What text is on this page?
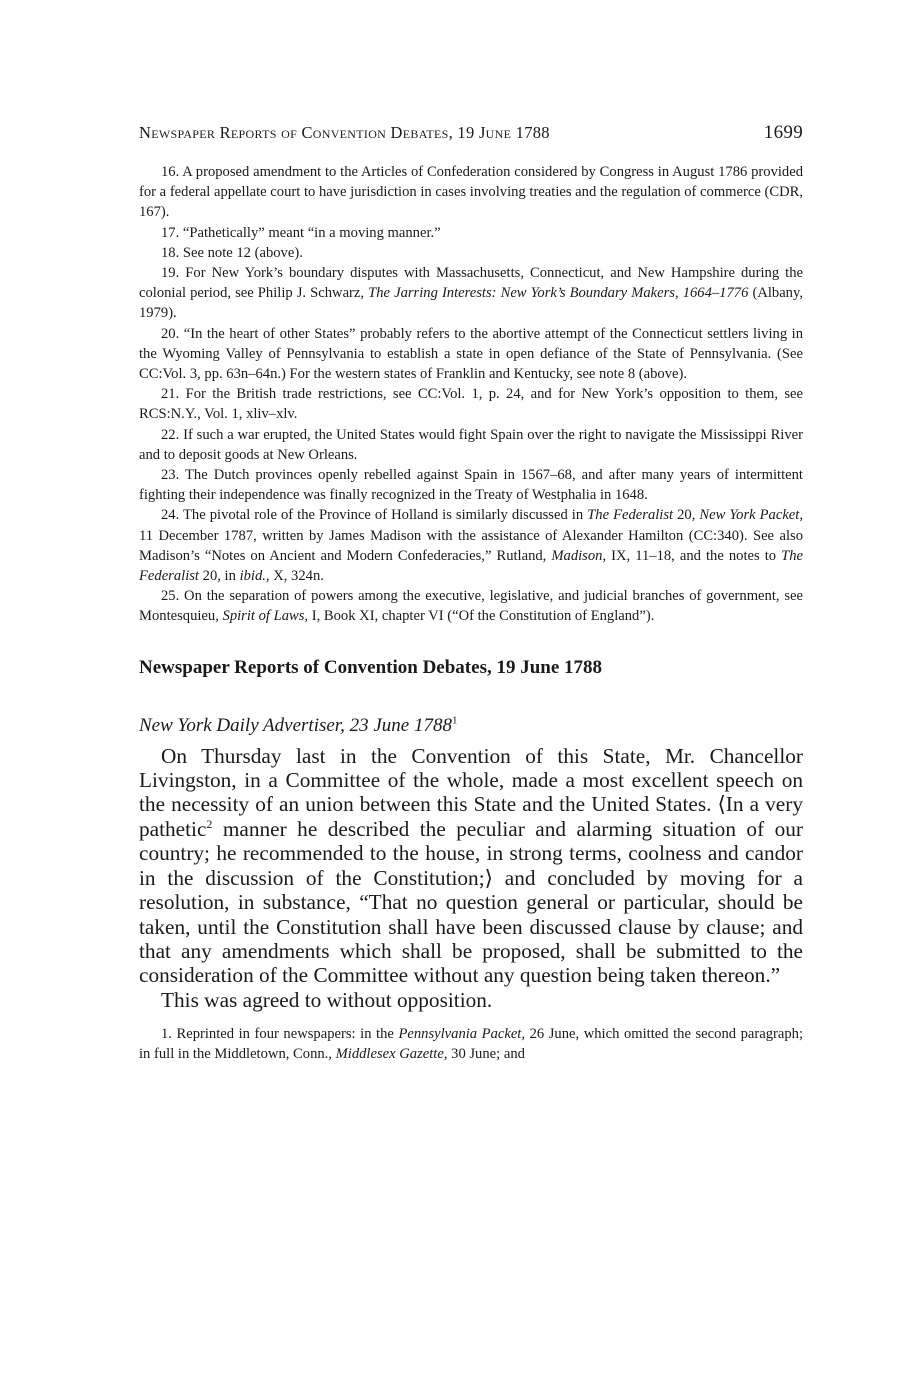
Newspaper Reports of Convention Debates, 19 June 1788	1699

16. A proposed amendment to the Articles of Confederation considered by Congress in August 1786 provided for a federal appellate court to have jurisdiction in cases involving treaties and the regulation of commerce (CDR, 167).

17. “Pathetically” meant “in a moving manner.”

18. See note 12 (above).

19. For New York’s boundary disputes with Massachusetts, Connecticut, and New Hampshire during the colonial period, see Philip J. Schwarz, The Jarring Interests: New York’s Boundary Makers, 1664–1776 (Albany, 1979).

20. “In the heart of other States” probably refers to the abortive attempt of the Connecticut settlers living in the Wyoming Valley of Pennsylvania to establish a state in open defiance of the State of Pennsylvania. (See CC:Vol. 3, pp. 63n–64n.) For the western states of Franklin and Kentucky, see note 8 (above).

21. For the British trade restrictions, see CC:Vol. 1, p. 24, and for New York’s opposition to them, see RCS:N.Y., Vol. 1, xliv–xlv.

22. If such a war erupted, the United States would fight Spain over the right to navigate the Mississippi River and to deposit goods at New Orleans.

23. The Dutch provinces openly rebelled against Spain in 1567–68, and after many years of intermittent fighting their independence was finally recognized in the Treaty of Westphalia in 1648.

24. The pivotal role of the Province of Holland is similarly discussed in The Federalist 20, New York Packet, 11 December 1787, written by James Madison with the assistance of Alexander Hamilton (CC:340). See also Madison’s “Notes on Ancient and Modern Confederacies,” Rutland, Madison, IX, 11–18, and the notes to The Federalist 20, in ibid., X, 324n.

25. On the separation of powers among the executive, legislative, and judicial branches of government, see Montesquieu, Spirit of Laws, I, Book XI, chapter VI (“Of the Constitution of England”).

Newspaper Reports of Convention Debates, 19 June 1788
New York Daily Advertiser, 23 June 1788$^1$

On Thursday last in the Convention of this State, Mr. Chancellor Livingston, in a Committee of the whole, made a most excellent speech on the necessity of an union between this State and the United States. ⟨In a very pathetic$^2$ manner he described the peculiar and alarming situation of our country; he recommended to the house, in strong terms, coolness and candor in the discussion of the Constitution;⟩ and concluded by moving for a resolution, in substance, “That no question general or particular, should be taken, until the Constitution shall have been discussed clause by clause; and that any amendments which shall be proposed, shall be submitted to the consideration of the Committee without any question being taken thereon.”

This was agreed to without opposition.

1. Reprinted in four newspapers: in the Pennsylvania Packet, 26 June, which omitted the second paragraph; in full in the Middletown, Conn., Middlesex Gazette, 30 June; and
